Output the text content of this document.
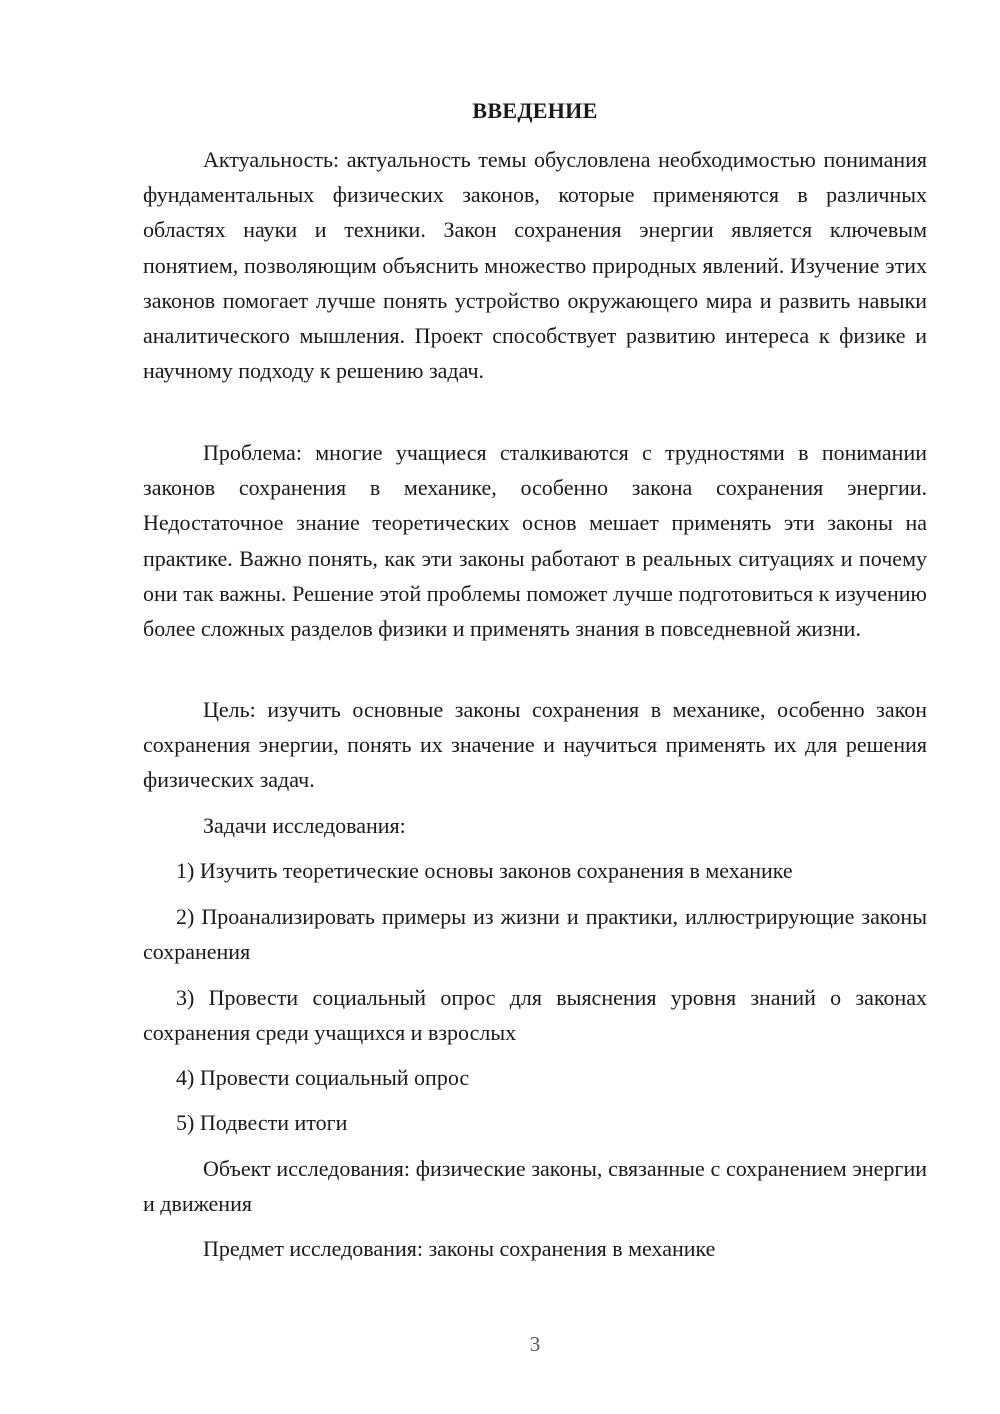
ВВЕДЕНИЕ

Актуальность: актуальность темы обусловлена необходимостью понимания фундаментальных физических законов, которые применяются в различных областях науки и техники. Закон сохранения энергии является ключевым понятием, позволяющим объяснить множество природных явлений. Изучение этих законов помогает лучше понять устройство окружающего мира и развить навыки аналитического мышления. Проект способствует развитию интереса к физике и научному подходу к решению задач.

Проблема: многие учащиеся сталкиваются с трудностями в понимании законов сохранения в механике, особенно закона сохранения энергии. Недостаточное знание теоретических основ мешает применять эти законы на практике. Важно понять, как эти законы работают в реальных ситуациях и почему они так важны. Решение этой проблемы поможет лучше подготовиться к изучению более сложных разделов физики и применять знания в повседневной жизни.

Цель: изучить основные законы сохранения в механике, особенно закон сохранения энергии, понять их значение и научиться применять их для решения физических задач.

Задачи исследования:

1) Изучить теоретические основы законов сохранения в механике

2) Проанализировать примеры из жизни и практики, иллюстрирующие законы сохранения

3) Провести социальный опрос для выяснения уровня знаний о законах сохранения среди учащихся и взрослых

4) Провести социальный опрос

5) Подвести итоги

Объект исследования: физические законы, связанные с сохранением энергии и движения

Предмет исследования: законы сохранения в механике

3
